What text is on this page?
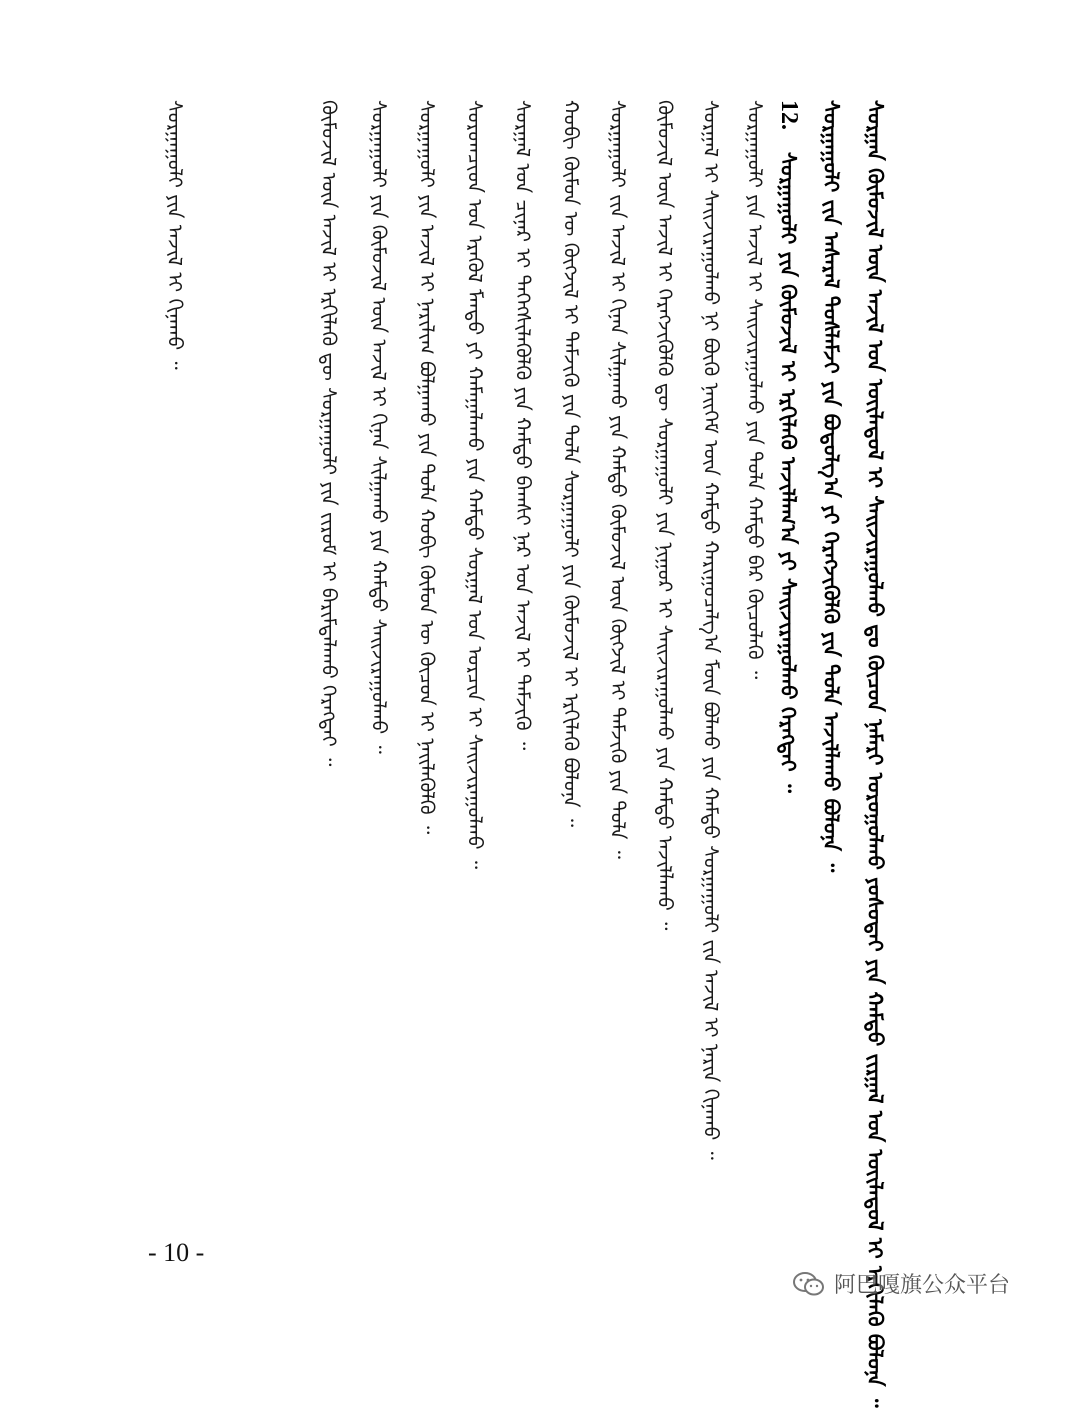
ᠰᠤᠷᠭᠠᠨ ᠬᠦᠮᠦᠵᠢᠯ ᠦᠨ ᠠᠵᠢᠯ ᠤᠨ ᠦᠢᠯᠡᠳᠦᠯ ᠢ ᠰᠠᠢᠵᠢᠷᠠᠭᠤᠯᠬᠤ ᠳᠤ ᠬᠦᠴᠦᠨ ᠨᠡᠮᠡᠷᠢ ᠣᠷᠤᠭᠤᠯᠬᠤ ᠶᠤᠰᠤᠲᠠᠢ ᠶᠢᠨ ᠬᠠᠮᠲᠤ ᠵᠢᠷᠭᠠᠯ ᠤᠨ ᠦᠢᠯᠡᠳᠦᠯ ᠢ ᠡᠷᠬᠢᠯᠡᠬᠦ ᠪᠣᠯᠤᠨᠠ ᠃
ᠰᠤᠷᠭᠠᠭᠤᠯᠢ ᠵᠢᠨ ᠠᠰᠠᠷᠠᠯ ᠲᠤᠰᠯᠠᠮᠵᠢ ᠶᠢᠨ ᠪᠣᠳᠤᠯᠭ᠎ᠠ ᠶᠢ ᠬᠡᠷᠡᠭᠵᠢᠭᠦᠯᠬᠦ ᠶᠢᠨ ᠲᠤᠯᠠ ᠠᠵᠢᠯᠯᠠᠬᠤ ᠪᠣᠯᠤᠨᠠ ᠃
12.
ᠰᠤᠷᠭᠠᠭᠤᠯᠢ ᠶᠢᠨ ᠬᠦᠮᠦᠵᠢᠯ ᠢ ᠡᠷᠬᠢᠯᠡᠬᠦ ᠠᠵᠢᠯᠯᠠᠭ᠎ᠠ ᠶᠢ ᠰᠠᠢᠵᠢᠷᠠᠭᠤᠯᠬᠤ ᠬᠡᠷᠡᠭᠲᠡᠢ ᠃
ᠰᠤᠷᠭᠠᠭᠤᠯᠢ ᠶᠢᠨ ᠠᠵᠢᠯ ᠢ ᠰᠠᠢᠵᠢᠷᠠᠭᠤᠯᠬᠤ ᠶᠢᠨ ᠲᠤᠯᠠ ᠬᠠᠮᠲᠤ ᠪᠡᠷ ᠬᠦᠴᠦᠯᠡᠬᠦ ᠃
ᠰᠤᠷᠭᠠᠯ ᠢ ᠰᠠᠢᠵᠢᠷᠠᠭᠤᠯᠬᠤ ᠨᠢ ᠪᠦᠬᠦ ᠨᠡᠢᠭᠡᠮ ᠦᠨ ᠬᠠᠮᠲᠤ ᠬᠠᠷᠢᠭᠤᠴᠠᠯᠭ᠎ᠠ ᠮᠦᠨ ᠪᠣᠯᠬᠤ ᠶᠢᠨ ᠬᠠᠮᠲᠤ ᠰᠤᠷᠭᠠᠭᠤᠯᠢ ᠵᠢᠨ ᠠᠵᠢᠯ ᠢ ᠨᠠᠷᠢᠨ ᠬᠢᠨᠠᠬᠤ ᠃
ᠬᠦᠮᠦᠵᠢᠯ ᠦᠨ ᠠᠵᠢᠯ ᠢ ᠬᠡᠷᠡᠭᠵᠢᠭᠦᠯᠬᠦ ᠳᠦ ᠰᠤᠷᠭᠠᠭᠤᠯᠢ ᠶᠢᠨ ᠨᠢᠭᠤᠷ ᠢ ᠰᠠᠢᠵᠢᠷᠠᠭᠤᠯᠬᠤ ᠶᠢᠨ ᠬᠠᠮᠲᠤ ᠠᠵᠢᠯᠯᠠᠬᠤ ᠃
ᠰᠤᠷᠭᠠᠭᠤᠯᠢ ᠵᠢᠨ ᠠᠵᠢᠯ ᠢ ᠬᠢᠨᠠᠨ ᠰᠢᠯᠭᠠᠬᠤ ᠶᠢᠨ ᠬᠠᠮᠲᠤ ᠬᠦᠮᠦᠵᠢᠯ ᠦᠨ ᠬᠥᠭᠵᠢᠯ ᠢ ᠳᠡᠮᠵᠢᠬᠦ ᠶᠢᠨ ᠲᠤᠯᠠ ᠃
ᠬᠤᠪᠢ ᠬᠦᠮᠦᠨ ᠦ ᠬᠥᠭᠵᠢᠯ ᠢ ᠳᠡᠮᠵᠢᠬᠦ ᠶᠢᠨ ᠲᠤᠯᠠ ᠰᠤᠷᠭᠠᠭᠤᠯᠢ ᠶᠢᠨ ᠬᠦᠮᠦᠵᠢᠯ ᠢ ᠡᠷᠬᠢᠯᠡᠬᠦ ᠪᠣᠯᠤᠨᠠ ᠃
ᠰᠤᠷᠭᠠᠯ ᠤᠨ ᠴᠢᠨᠠᠷ ᠢ ᠳᠡᠭᠡᠭᠰᠢᠯᠡᠭᠦᠯᠬᠦ ᠶᠢᠨ ᠬᠠᠮᠲᠤ ᠪᠠᠭᠰᠢ ᠨᠠᠷ ᠤᠨ ᠠᠵᠢᠯ ᠢ ᠳᠡᠮᠵᠢᠬᠦ ᠃
ᠰᠤᠷᠤᠭᠴᠢᠳ ᠤᠨ ᠡᠷᠡᠭᠦᠯ ᠮᠡᠨᠳᠦ ᠶᠢ ᠬᠠᠮᠠᠭᠠᠯᠠᠬᠤ ᠶᠢᠨ ᠬᠠᠮᠲᠤ ᠰᠤᠷᠭᠠᠯ ᠤᠨ ᠣᠷᠴᠢᠨ ᠢ ᠰᠠᠢᠵᠢᠷᠠᠭᠤᠯᠬᠤ ᠃
ᠰᠤᠷᠭᠠᠭᠤᠯᠢ ᠶᠢᠨ ᠠᠵᠢᠯ ᠢ ᠨᠠᠷᠢᠯᠢᠭ ᠪᠣᠯᠭᠠᠬᠤ ᠶᠢᠨ ᠲᠤᠯᠠ ᠬᠤᠪᠢ ᠬᠦᠮᠦᠨ ᠦ ᠬᠦᠴᠦᠨ ᠢ ᠨᠡᠢᠯᠡᠭᠦᠯᠬᠦ ᠃
ᠰᠤᠷᠭᠠᠭᠤᠯᠢ ᠶᠢᠨ ᠬᠦᠮᠦᠵᠢᠯ ᠦᠨ ᠠᠵᠢᠯ ᠢ ᠬᠢᠨᠠᠨ ᠰᠢᠯᠭᠠᠬᠤ ᠶᠢᠨ ᠬᠠᠮᠲᠤ ᠰᠠᠢᠵᠢᠷᠠᠭᠤᠯᠬᠤ ᠃
ᠬᠦᠮᠦᠵᠢᠯ ᠦᠨ ᠠᠵᠢᠯ ᠢ ᠡᠷᠬᠢᠯᠡᠬᠦ ᠳᠦ ᠰᠤᠷᠭᠠᠭᠤᠯᠢ ᠶᠢᠨ ᠵᠢᠷᠤᠮ ᠢ ᠪᠠᠷᠢᠮᠲᠠᠯᠠᠬᠤ ᠬᠡᠷᠡᠭᠲᠡᠢ ᠃
ᠰᠤᠷᠭᠠᠭᠤᠯᠢ ᠶᠢᠨ ᠠᠵᠢᠯ ᠢ ᠬᠢᠨᠠᠬᠤ ᠃
- 10 -
阿巴嘎旗公众平台
